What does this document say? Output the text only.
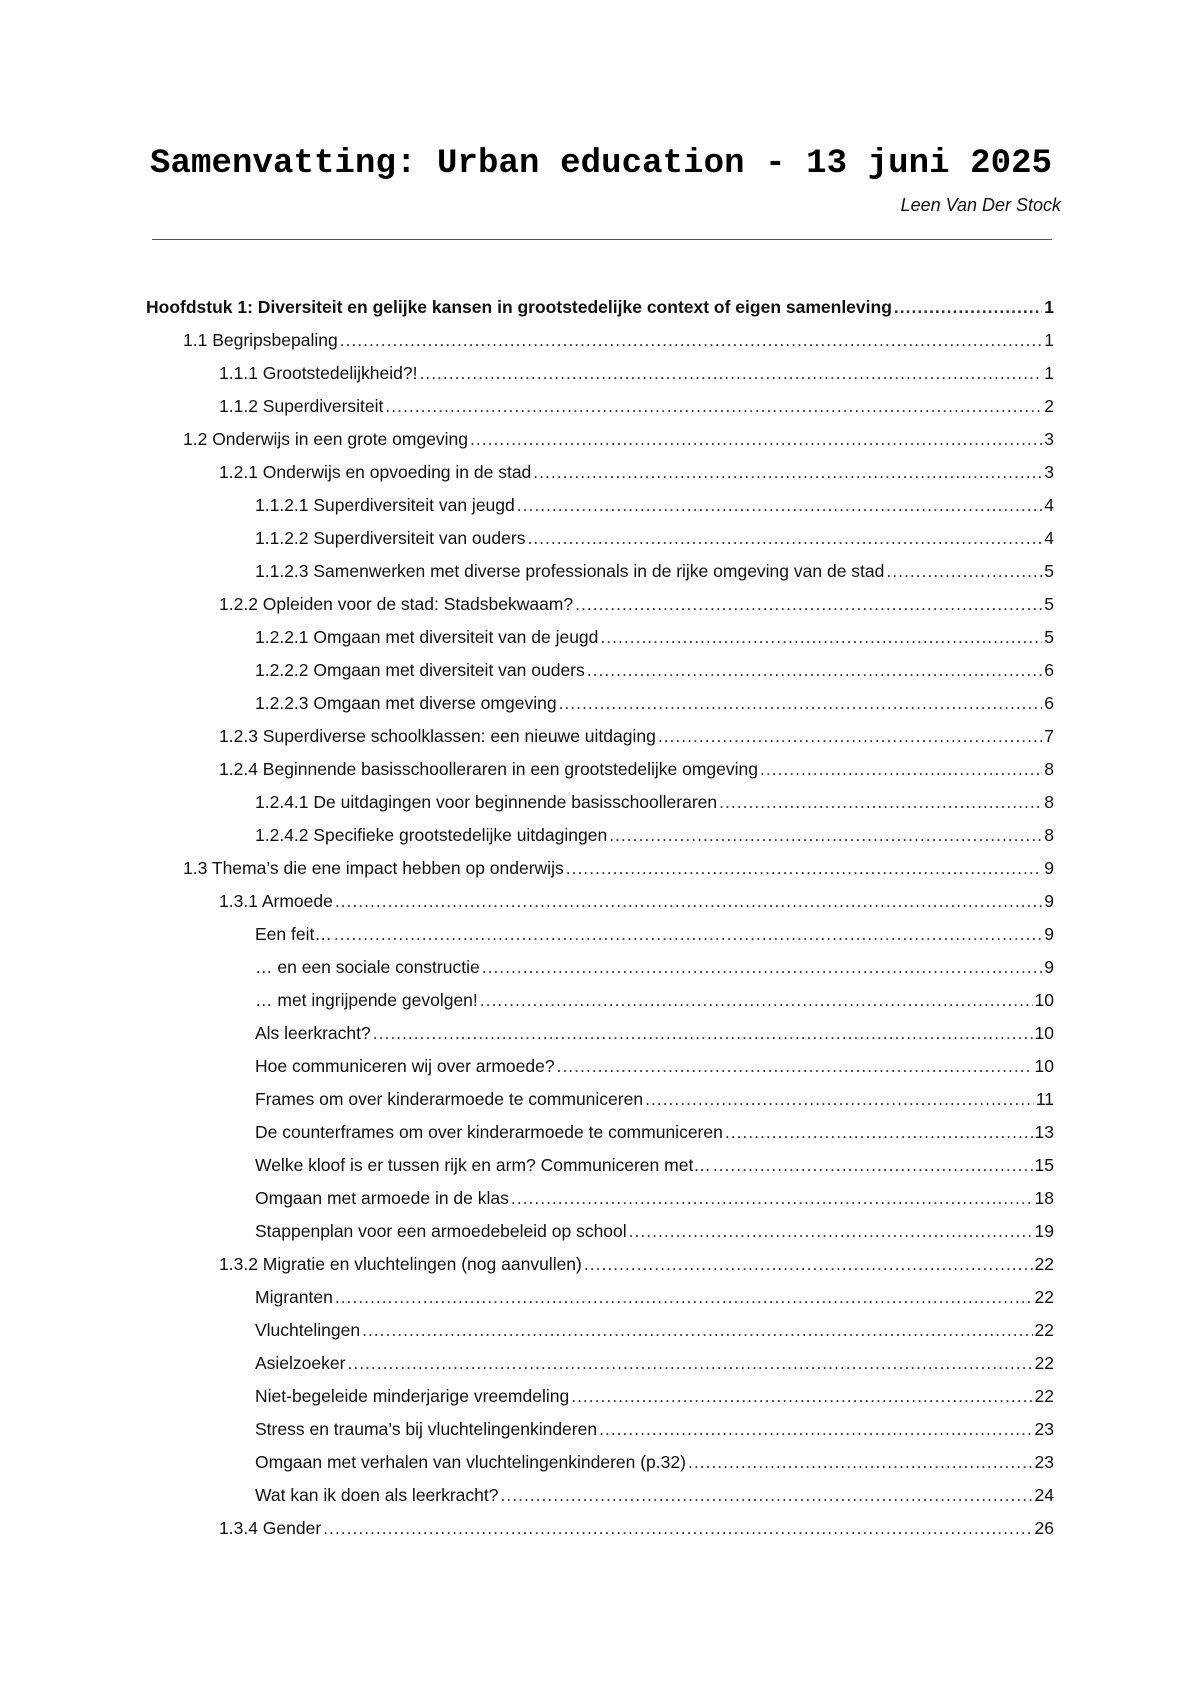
Samenvatting: Urban education - 13 juni 2025
Leen Van Der Stock
Hoofdstuk 1: Diversiteit en gelijke kansen in grootstedelijke context of eigen samenleving .....	1
1.1 Begripsbepaling .....	1
1.1.1 Grootstedelijkheid?! .....	1
1.1.2 Superdiversiteit .....	2
1.2 Onderwijs in een grote omgeving .....	3
1.2.1 Onderwijs en opvoeding in de stad .....	3
1.1.2.1 Superdiversiteit van jeugd .....	4
1.1.2.2 Superdiversiteit van ouders .....	4
1.1.2.3 Samenwerken met diverse professionals in de rijke omgeving van de stad .....	5
1.2.2 Opleiden voor de stad: Stadsbekwaam? .....	5
1.2.2.1 Omgaan met diversiteit van de jeugd .....	5
1.2.2.2 Omgaan met diversiteit van ouders .....	6
1.2.2.3 Omgaan met diverse omgeving .....	6
1.2.3 Superdiverse schoolklassen: een nieuwe uitdaging .....	7
1.2.4 Beginnende basisschoolleraren in een grootstedelijke omgeving .....	8
1.2.4.1 De uitdagingen voor beginnende basisschoolleraren .....	8
1.2.4.2 Specifieke grootstedelijke uitdagingen .....	8
1.3 Thema’s die ene impact hebben op onderwijs .....	9
1.3.1 Armoede .....	9
Een feit… .....	9
… en een sociale constructie .....	9
… met ingrijpende gevolgen! .....	10
Als leerkracht? .....	10
Hoe communiceren wij over armoede? .....	10
Frames om over kinderarmoede te communiceren .....	11
De counterframes om over kinderarmoede te communiceren .....	13
Welke kloof is er tussen rijk en arm? Communiceren met… .....	15
Omgaan met armoede in de klas .....	18
Stappenplan voor een armoedebeleid op school .....	19
1.3.2 Migratie en vluchtelingen (nog aanvullen) .....	22
Migranten .....	22
Vluchtelingen .....	22
Asielzoeker .....	22
Niet-begeleide minderjarige vreemdeling .....	22
Stress en trauma’s bij vluchtelingenkinderen .....	23
Omgaan met verhalen van vluchtelingenkinderen (p.32) .....	23
Wat kan ik doen als leerkracht? .....	24
1.3.4 Gender .....	26
